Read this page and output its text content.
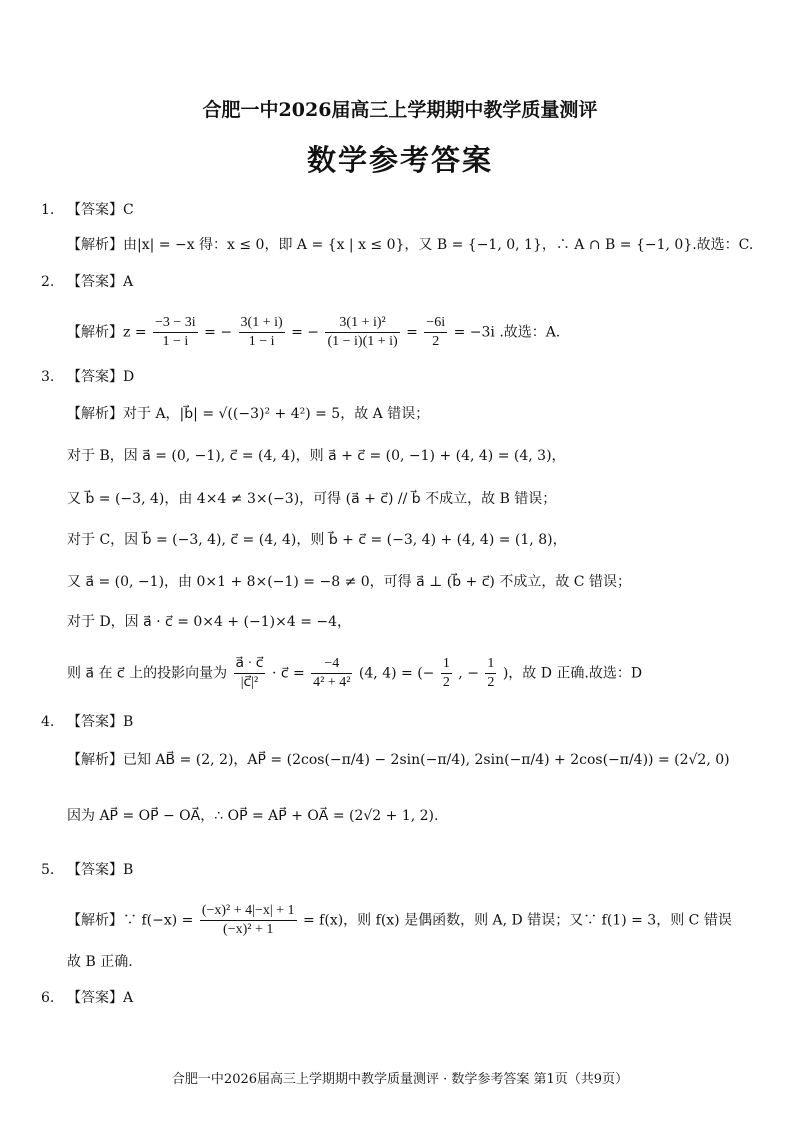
合肥一中2026届高三上学期期中教学质量测评
数学参考答案
1. 【答案】C
【解析】由|x| = −x 得：x ≤ 0，即 A = {x | x ≤ 0}，又 B = {−1, 0, 1}，∴ A ∩ B = {−1, 0}.故选：C.
2. 【答案】A
【解析】$z = \frac{-3 - 3i}{1 - i}$ = − $\frac{3(1 + i)}{1 - i}$ = − $\frac{\text{3(1 + i)²}}{(1 - i)(1 + i)} = \frac{-6i}{2} = -3i$ .故选：A.
3. 【答案】D
【解析】对于 A，|b⃗| = √((−3)² + 4²) = 5，故 A 错误；
对于 B，因 a⃗ = (0, −1), c⃗ = (4, 4)，则 a⃗ + c⃗ = (0, −1) + (4, 4) = (4, 3)，
又 b⃗ = (−3, 4)，由 4×4 ≠ 3×(−3)，可得 (a⃗ + c⃗) // b⃗ 不成立，故 B 错误；
对于 C，因 b⃗ = (−3, 4), c⃗ = (4, 4)，则 b⃗ + c⃗ = (−3, 4) + (4, 4) = (1, 8)，
又 a⃗ = (0, −1)，由 0×1 + 8×(−1) = −8 ≠ 0，可得 a⃗ ⊥ (b⃗ + c⃗) 不成立，故 C 错误；
对于 D，因 a⃗ · c⃗ = 0×4 + (−1)×4 = −4，
则 a⃗ 在 c⃗ 上的投影向量为 $\frac{a⃗ \cdot c⃗}{\text{|c⃗|²}}$ · c⃗ = $\frac{-4}{\text{4² + 4²}} (4$, 4) = (− $\frac{1}{2}$ , − $\frac{1}{2}$ )，故 D 正确.故选：D
4. 【答案】B
【解析】已知 AB⃗ = (2, 2)，AP⃗ = (2cos(−π/4) − 2sin(−π/4), 2sin(−π/4) + 2cos(−π/4)) = (2√2, 0)
因为 AP⃗ = OP⃗ − OA⃗，∴ OP⃗ = AP⃗ + OA⃗ = (2√2 + 1, 2).
5. 【答案】B
【解析】∵ $f(-x) = \frac{\text{(−x)² + 4|−x| + 1}}{\text{(−x)² + 1}} = f(x)$，则 f(x) 是偶函数，则 A, D 错误；又∵ f(1) = 3，则 C 错误
故 B 正确.
6. 【答案】A
合肥一中2026届高三上学期期中教学质量测评 · 数学参考答案 第1页（共9页）
